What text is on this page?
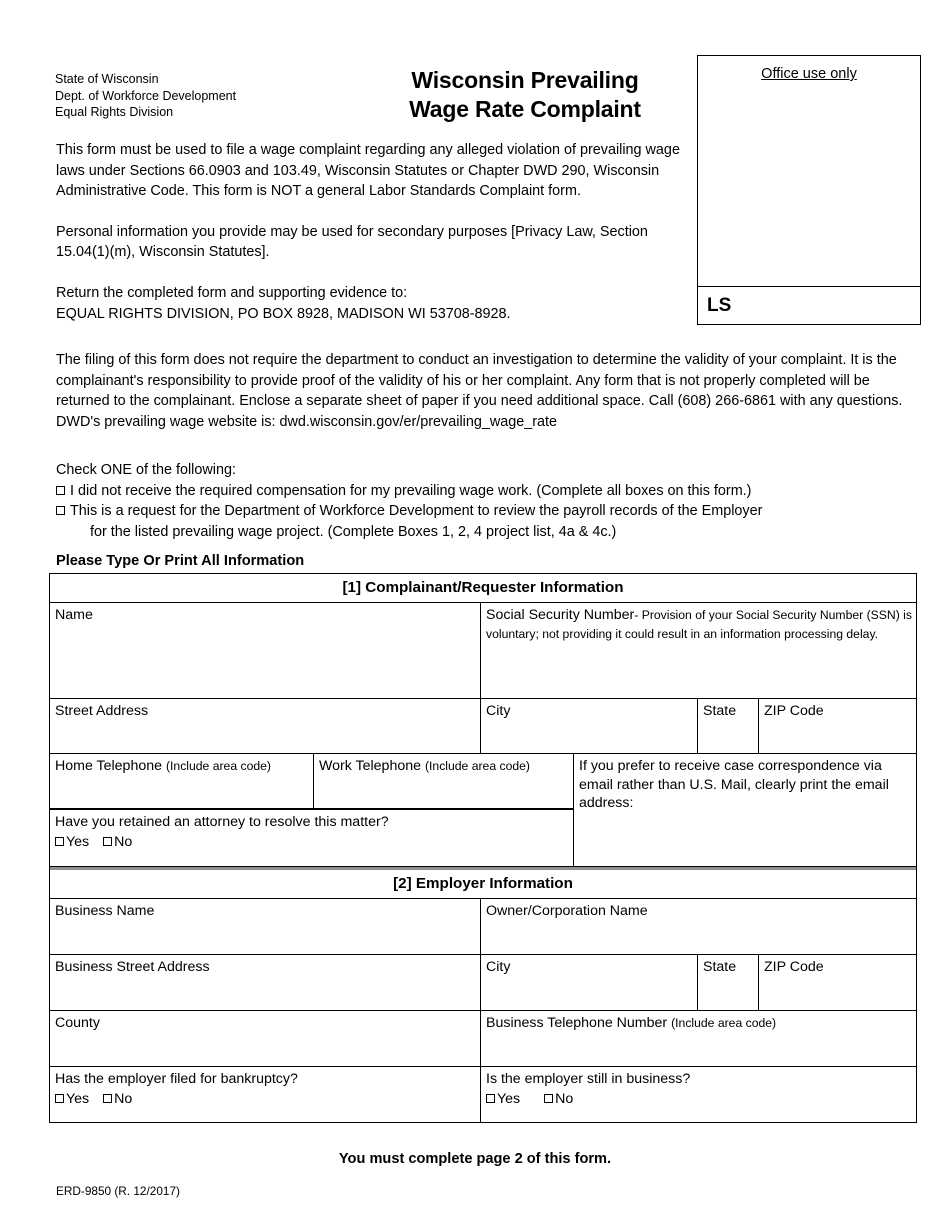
State of Wisconsin
Dept. of Workforce Development
Equal Rights Division
Wisconsin Prevailing
Wage Rate Complaint
Office use only
LS

This form must be used to file a wage complaint regarding any alleged violation of prevailing wage laws under Sections 66.0903 and 103.49, Wisconsin Statutes or Chapter DWD 290, Wisconsin Administrative Code. This form is NOT a general Labor Standards Complaint form.

Personal information you provide may be used for secondary purposes [Privacy Law, Section 15.04(1)(m), Wisconsin Statutes].

Return the completed form and supporting evidence to:
EQUAL RIGHTS DIVISION, PO BOX 8928, MADISON WI 53708-8928.

The filing of this form does not require the department to conduct an investigation to determine the validity of your complaint. It is the complainant's responsibility to provide proof of the validity of his or her complaint. Any form that is not properly completed will be returned to the complainant. Enclose a separate sheet of paper if you need additional space. Call (608) 266-6861 with any questions. DWD's prevailing wage website is: dwd.wisconsin.gov/er/prevailing_wage_rate
Check ONE of the following:
I did not receive the required compensation for my prevailing wage work. (Complete all boxes on this form.)
This is a request for the Department of Workforce Development to review the payroll records of the Employer
for the listed prevailing wage project. (Complete Boxes 1, 2, 4 project list, 4a & 4c.)
Please Type Or Print All Information
[1] Complainant/Requester Information
Name	Social Security Number- Provision of your Social Security Number (SSN) is voluntary; not providing it could result in an information processing delay.
Street Address	City	State	ZIP Code
Home Telephone (Include area code)	Work Telephone (Include area code)
Have you retained an attorney to resolve this matter?
Yes No
If you prefer to receive case correspondence via email rather than U.S. Mail, clearly print the email address:
[2] Employer Information
Business Name	Owner/Corporation Name
Business Street Address	City	State	ZIP Code
County	Business Telephone Number (Include area code)
Has the employer filed for bankruptcy?
Yes No
Is the employer still in business?
Yes No
You must complete page 2 of this form.
ERD-9850 (R. 12/2017)
